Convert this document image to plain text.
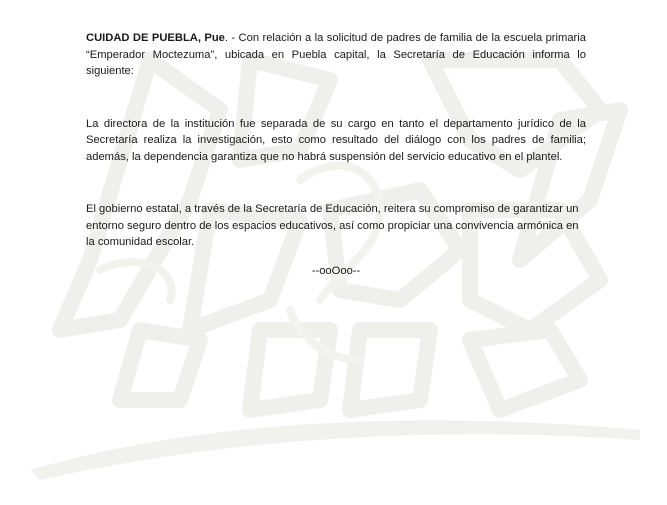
CUIDAD DE PUEBLA, Pue. - Con relación a la solicitud de padres de familia de la escuela primaria “Emperador Moctezuma”, ubicada en Puebla capital, la Secretaría de Educación informa lo siguiente:

La directora de la institución fue separada de su cargo en tanto el departamento jurídico de la Secretaría realiza la investigación, esto como resultado del diálogo con los padres de familia; además, la dependencia garantiza que no habrá suspensión del servicio educativo en el plantel.

El gobierno estatal, a través de la Secretaría de Educación, reitera su compromiso de garantizar un entorno seguro dentro de los espacios educativos, así como propiciar una convivencia armónica en la comunidad escolar.

--ooOoo--
